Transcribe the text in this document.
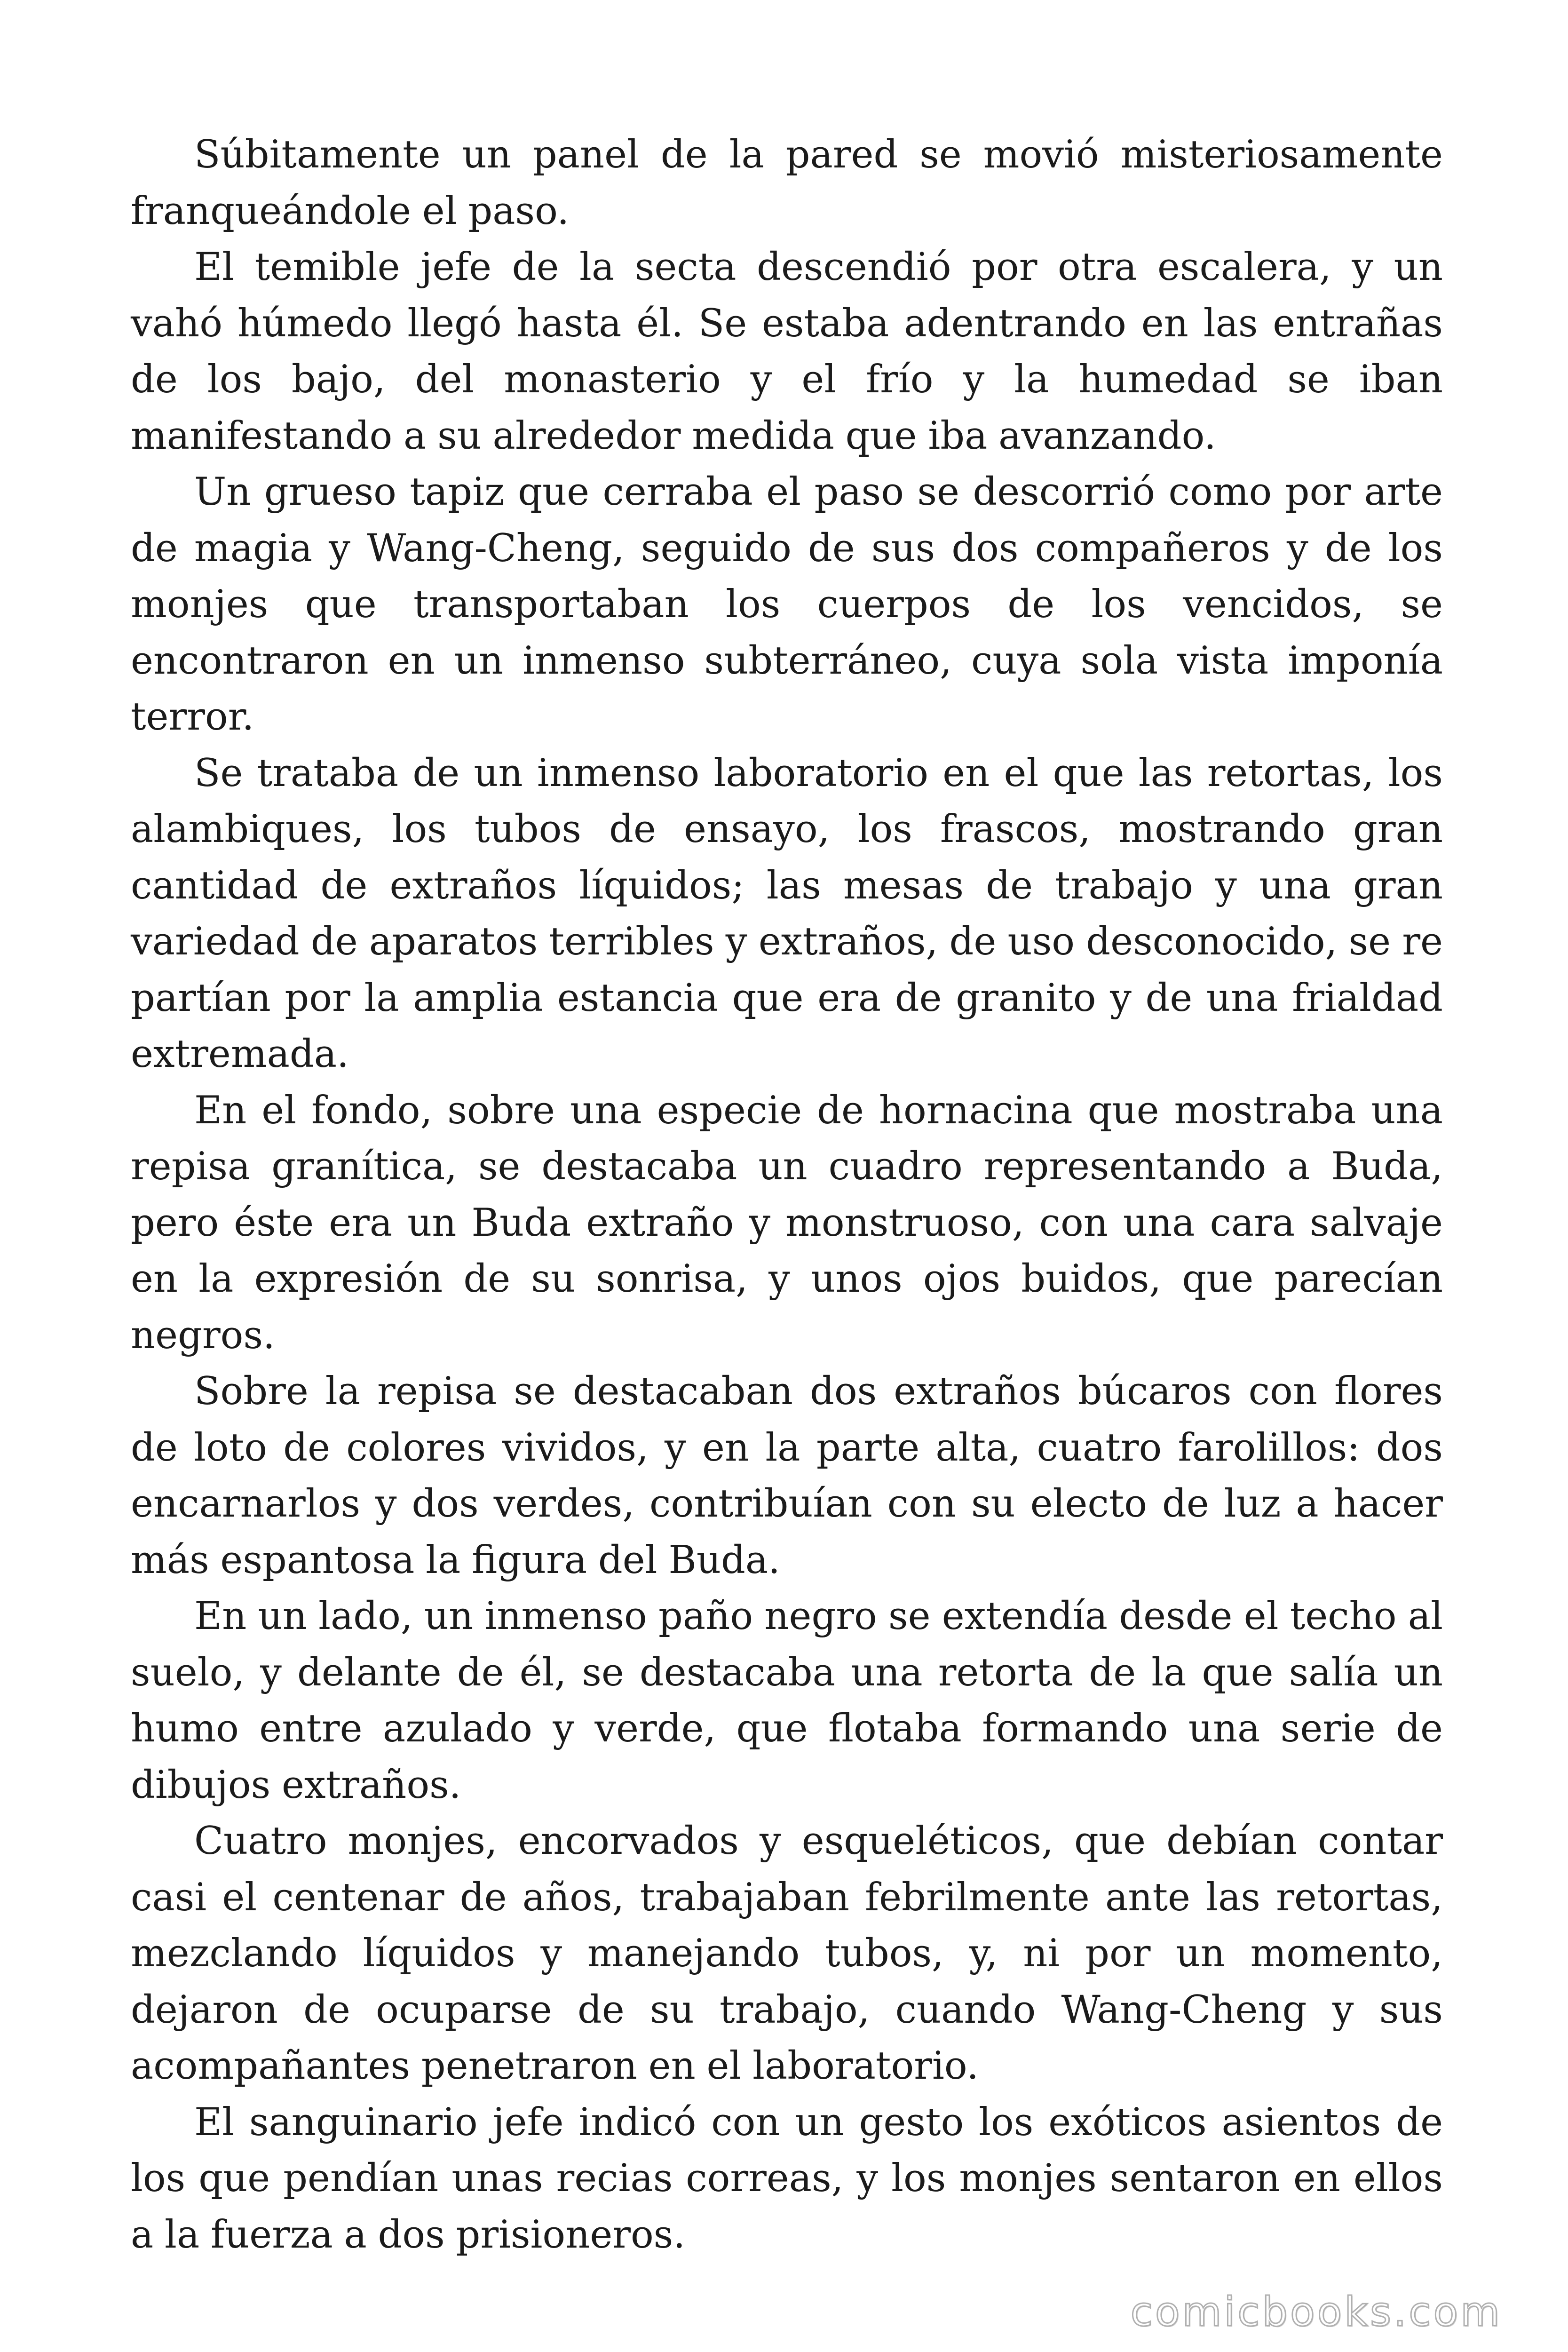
Súbitamente un panel de la pared se movió misteriosamente franqueándole el paso.

El temible jefe de la secta descendió por otra escalera, y un vahó húmedo llegó hasta él. Se estaba adentrando en las entrañas de los bajo, del monasterio y el frío y la humedad se iban manifestando a su alrededor medida que iba avanzando.

Un grueso tapiz que cerraba el paso se descorrió como por arte de magia y Wang-Cheng, seguido de sus dos compañeros y de los monjes que transportaban los cuerpos de los vencidos, se encontraron en un inmenso subterráneo, cuya sola vista imponía terror.

Se trataba de un inmenso laboratorio en el que las retortas, los alambiques, los tubos de ensayo, los frascos, mostrando gran cantidad de extraños líquidos; las mesas de trabajo y una gran variedad de aparatos terribles y extraños, de uso desconocido, se re partían por la amplia estancia que era de granito y de una frialdad extremada.

En el fondo, sobre una especie de hornacina que mostraba una repisa granítica, se destacaba un cuadro representando a Buda, pero éste era un Buda extraño y monstruoso, con una cara salvaje en la expresión de su sonrisa, y unos ojos buidos, que parecían negros.

Sobre la repisa se destacaban dos extraños búcaros con flores de loto de colores vividos, y en la parte alta, cuatro farolillos: dos encarnarlos y dos verdes, contribuían con su electo de luz a hacer más espantosa la figura del Buda.

En un lado, un inmenso paño negro se extendía desde el techo al suelo, y delante de él, se destacaba una retorta de la que salía un humo entre azulado y verde, que flotaba formando una serie de dibujos extraños.

Cuatro monjes, encorvados y esqueléticos, que debían contar casi el centenar de años, trabajaban febrilmente ante las retortas, mezclando líquidos y manejando tubos, y, ni por un momento, dejaron de ocuparse de su trabajo, cuando Wang-Cheng y sus acompañantes penetraron en el laboratorio.

El sanguinario jefe indicó con un gesto los exóticos asientos de los que pendían unas recias correas, y los monjes sentaron en ellos a la fuerza a dos prisioneros.

comicbooks.com
